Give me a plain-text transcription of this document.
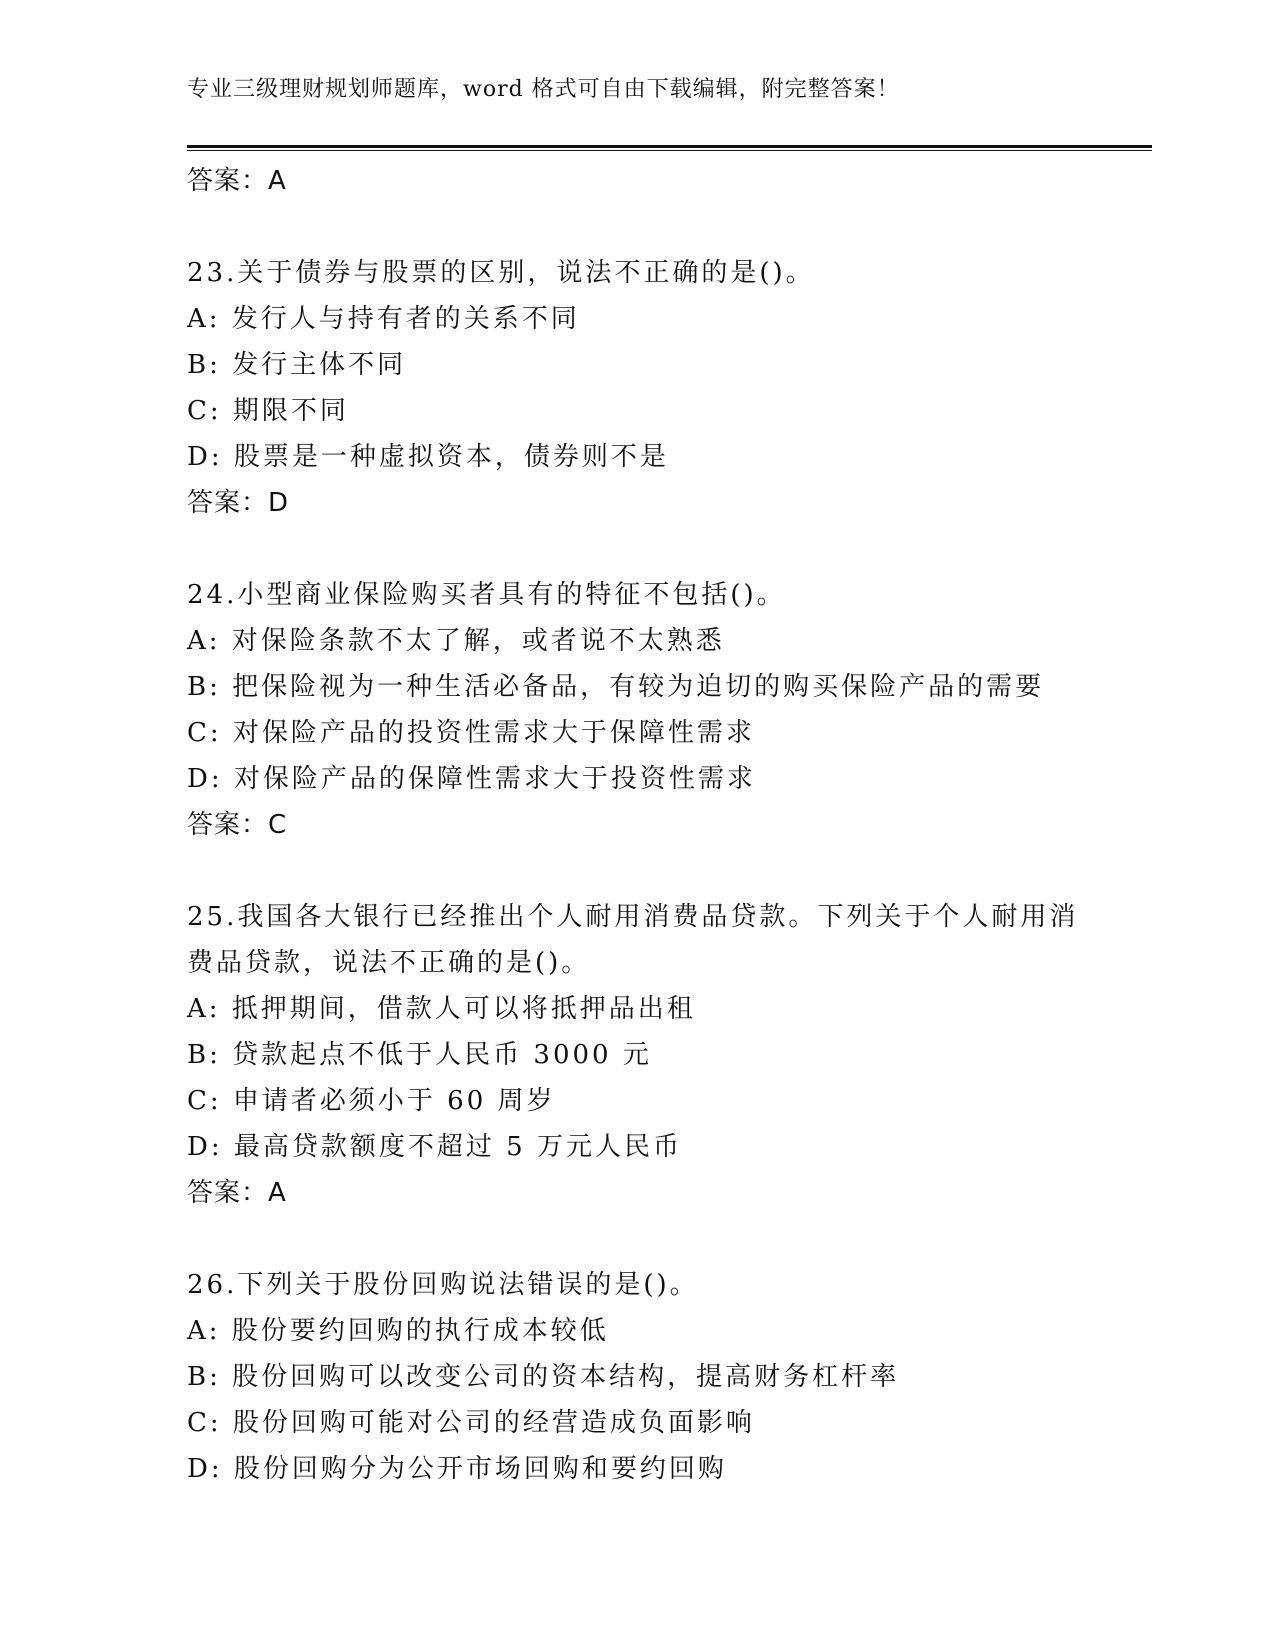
专业三级理财规划师题库，word 格式可自由下载编辑，附完整答案！
答案：A
23.关于债券与股票的区别，说法不正确的是()。
A: 发行人与持有者的关系不同
B: 发行主体不同
C: 期限不同
D: 股票是一种虚拟资本，债券则不是
答案：D
24.小型商业保险购买者具有的特征不包括()。
A: 对保险条款不太了解，或者说不太熟悉
B: 把保险视为一种生活必备品，有较为迫切的购买保险产品的需要
C: 对保险产品的投资性需求大于保障性需求
D: 对保险产品的保障性需求大于投资性需求
答案：C
25.我国各大银行已经推出个人耐用消费品贷款。下列关于个人耐用消费品贷款，说法不正确的是()。
A: 抵押期间，借款人可以将抵押品出租
B: 贷款起点不低于人民币 3000 元
C: 申请者必须小于 60 周岁
D: 最高贷款额度不超过 5 万元人民币
答案：A
26.下列关于股份回购说法错误的是()。
A: 股份要约回购的执行成本较低
B: 股份回购可以改变公司的资本结构，提高财务杠杆率
C: 股份回购可能对公司的经营造成负面影响
D: 股份回购分为公开市场回购和要约回购
